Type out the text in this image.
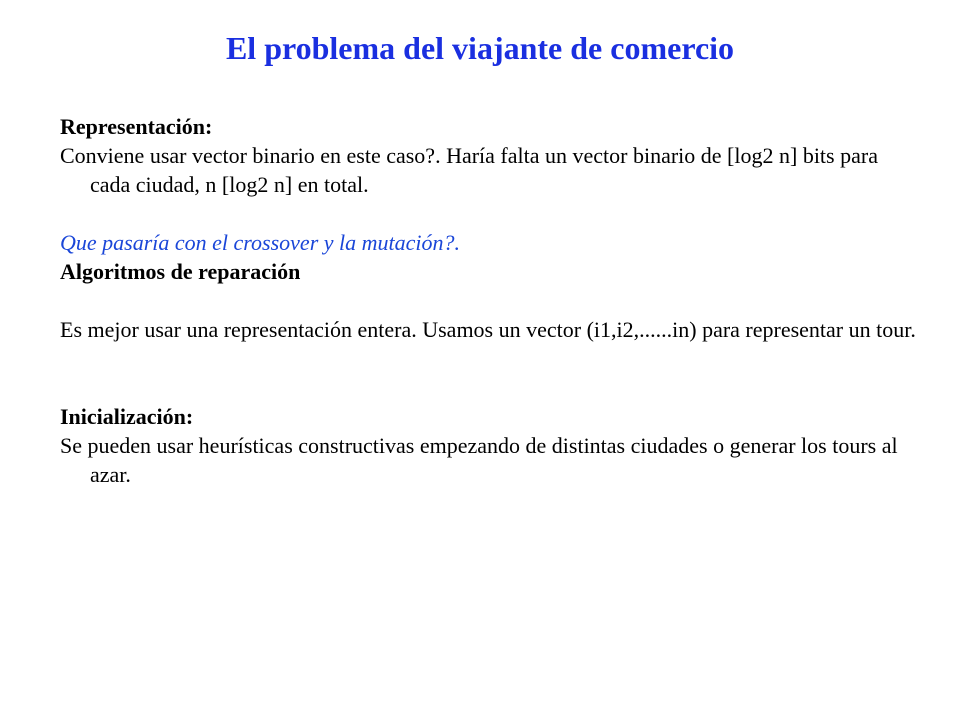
El problema del viajante de comercio

Representación:

Conviene usar vector binario en este caso?. Haría falta un vector binario de [log2 n] bits para cada ciudad, n [log2 n] en total.

Que pasaría con el crossover y la mutación?.

Algoritmos de reparación

Es mejor usar una representación entera. Usamos un vector (i1,i2,......in) para representar un tour.

Inicialización:

Se pueden usar heurísticas constructivas empezando de distintas ciudades o generar los tours al azar.
